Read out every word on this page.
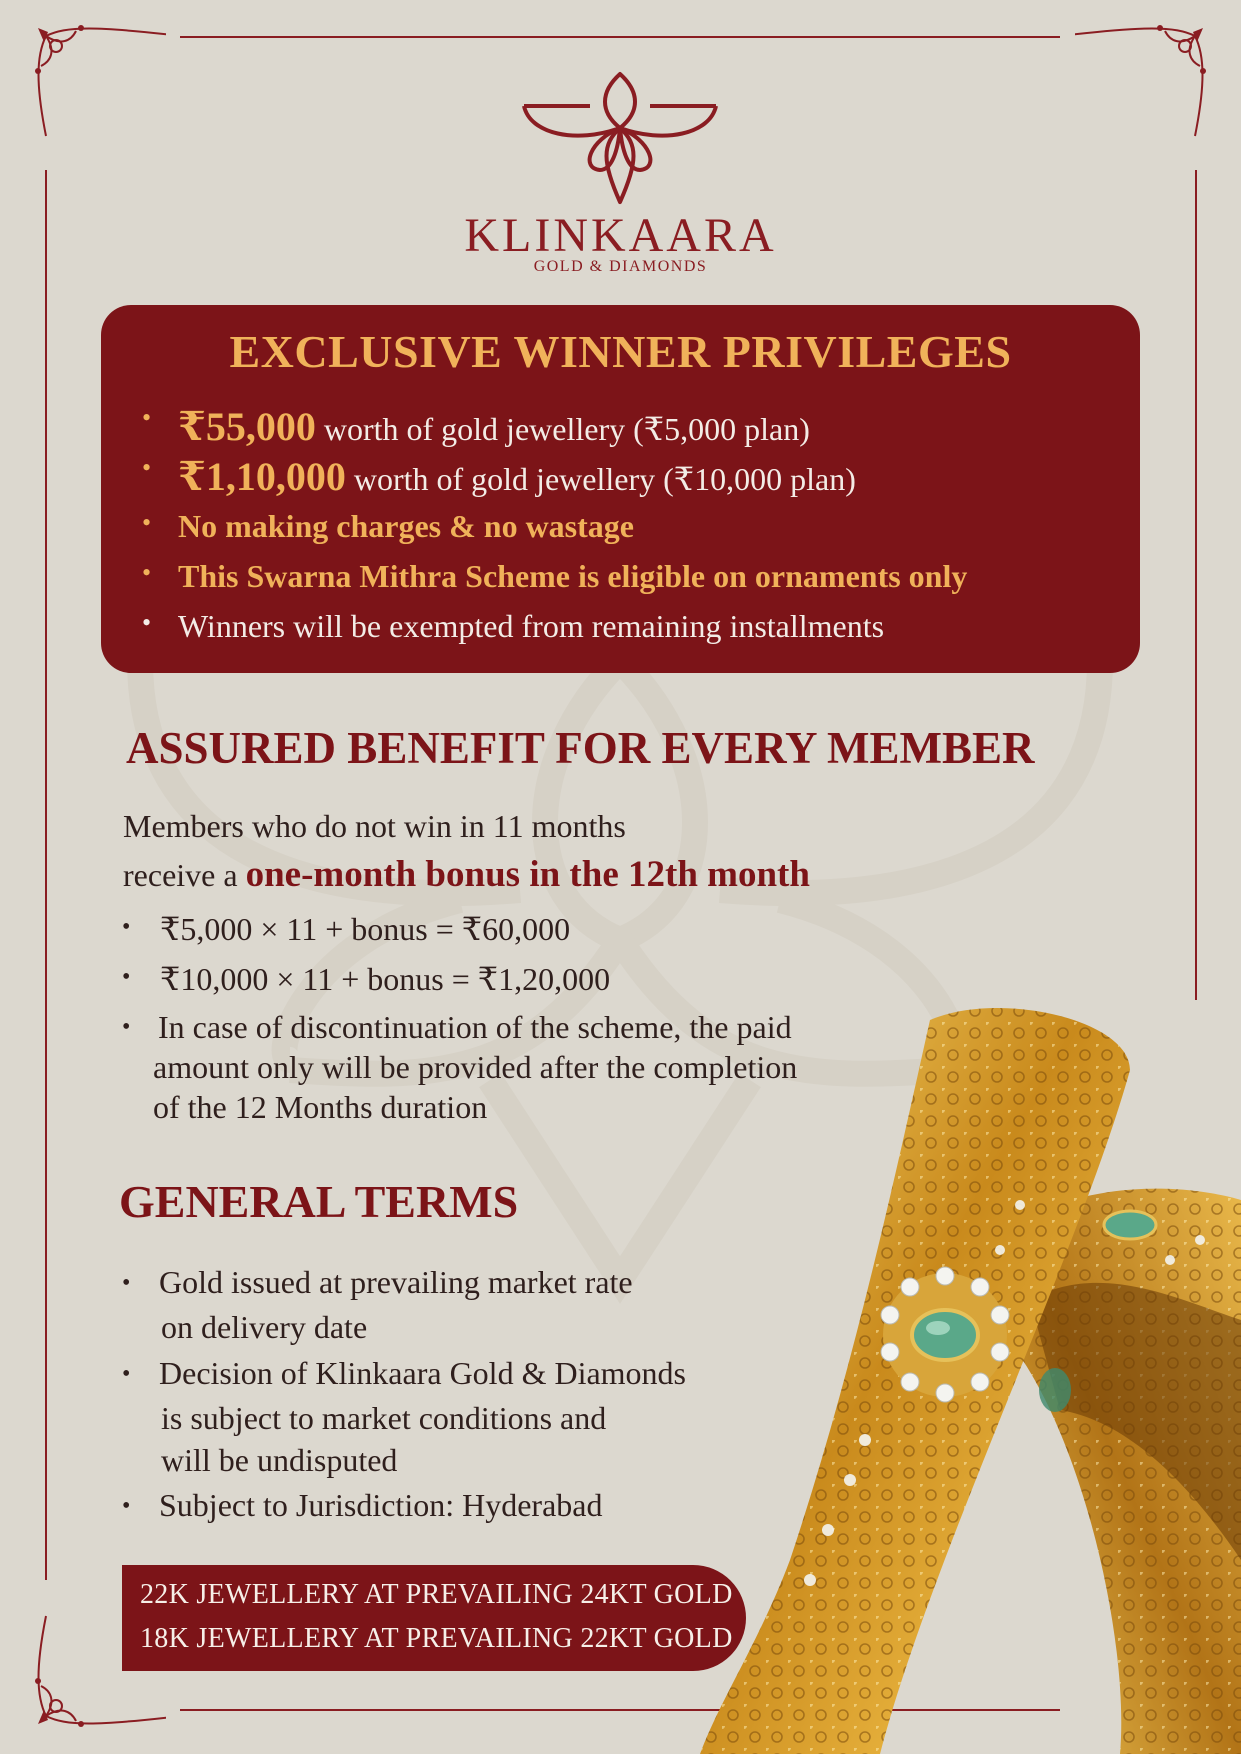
KLINKAARA
GOLD & DIAMONDS
EXCLUSIVE WINNER PRIVILEGES
• ₹55,000 worth of gold jewellery (₹5,000 plan)
• ₹1,10,000 worth of gold jewellery (₹10,000 plan)
• No making charges & no wastage
• This Swarna Mithra Scheme is eligible on ornaments only
• Winners will be exempted from remaining installments
ASSURED BENEFIT FOR EVERY MEMBER
Members who do not win in 11 months
receive a one-month bonus in the 12th month
• ₹5,000 × 11 + bonus = ₹60,000
• ₹10,000 × 11 + bonus = ₹1,20,000
• In case of discontinuation of the scheme, the paid
amount only will be provided after the completion
of the 12 Months duration
GENERAL TERMS
• Gold issued at prevailing market rate
on delivery date
• Decision of Klinkaara Gold & Diamonds
is subject to market conditions and
will be undisputed
• Subject to Jurisdiction: Hyderabad
22K JEWELLERY AT PREVAILING 24KT GOLD
18K JEWELLERY AT PREVAILING 22KT GOLD
